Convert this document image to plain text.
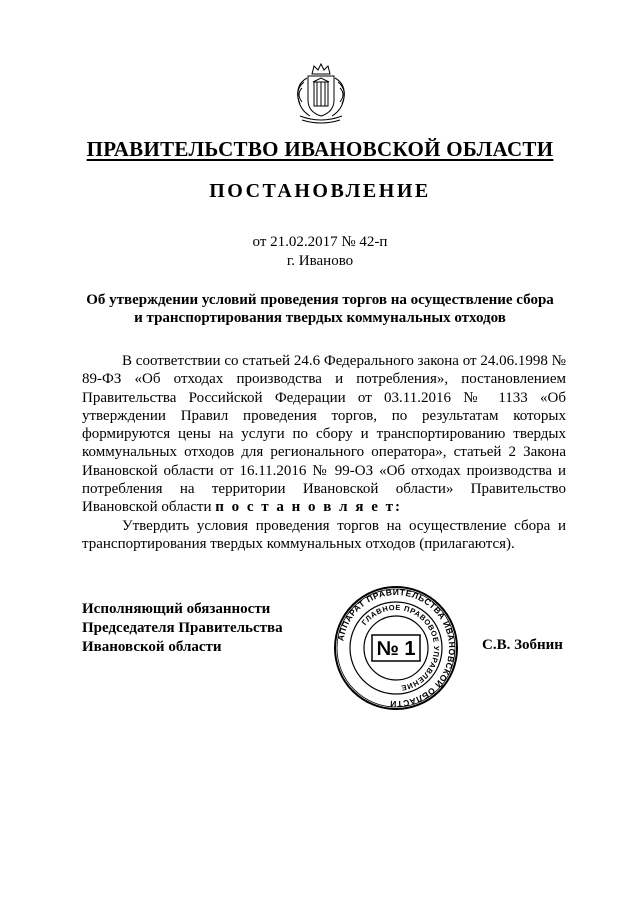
ПРАВИТЕЛЬСТВО ИВАНОВСКОЙ ОБЛАСТИ
ПОСТАНОВЛЕНИЕ
от 21.02.2017 № 42-п
г. Иваново
Об утверждении условий проведения торгов на осуществление сбора
и транспортирования твердых коммунальных отходов

В соответствии со статьей 24.6 Федерального закона от 24.06.1998 № 89-ФЗ «Об отходах производства и потребления», постановлением Правительства Российской Федерации от 03.11.2016 № 1133 «Об утверждении Правил проведения торгов, по результатам которых формируются цены на услуги по сбору и транспортированию твердых коммунальных отходов для регионального оператора», статьей 2 Закона Ивановской области от 16.11.2016 № 99-ОЗ «Об отходах производства и потребления на территории Ивановской области» Правительство Ивановской области п о с т а н о в л я е т:

Утвердить условия проведения торгов на осуществление сбора и транспортирования твердых коммунальных отходов (прилагаются).

Исполняющий обязанности
Председателя Правительства
Ивановской области
АППАРАТ ПРАВИТЕЛЬСТВА ИВАНОВСКОЙ ОБЛАСТИ
ГЛАВНОЕ ПРАВОВОЕ УПРАВЛЕНИЕ
№ 1	С.В. Зобнин
